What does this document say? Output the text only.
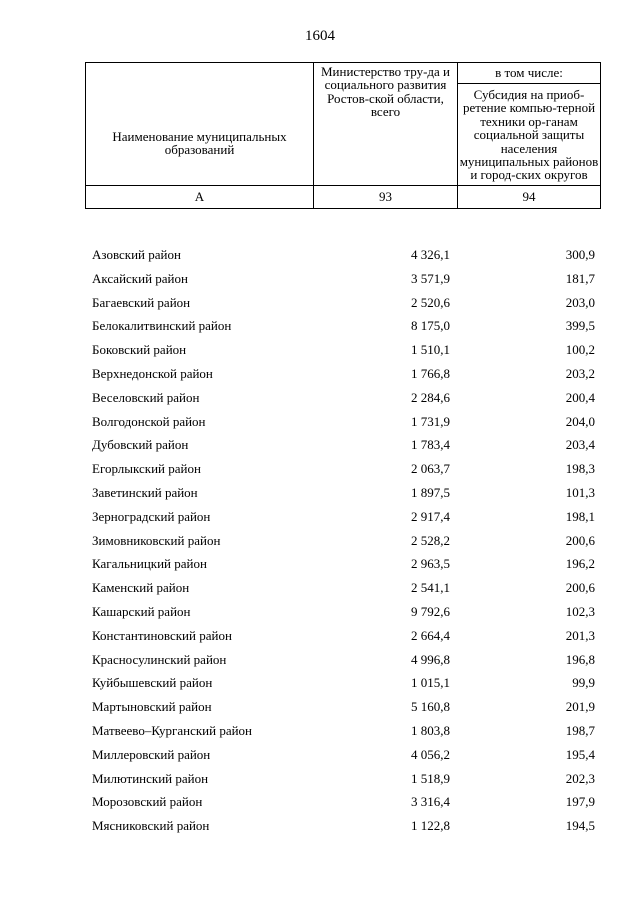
1604
Наименование муниципальных образований	Министерство тру-да и социального развития Ростов-ской области, всего	в том числе:

		Субсидия на приоб-ретение компью-терной техники ор-ганам социальной защиты населения муниципальных районов и город-ских округов

А	93	94
Азовский район	4 326,1	300,9
Аксайский район	3 571,9	181,7
Багаевский район	2 520,6	203,0
Белокалитвинский район	8 175,0	399,5
Боковский район	1 510,1	100,2
Верхнедонской район	1 766,8	203,2
Веселовский район	2 284,6	200,4
Волгодонской район	1 731,9	204,0
Дубовский район	1 783,4	203,4
Егорлыкский район	2 063,7	198,3
Заветинский район	1 897,5	101,3
Зерноградский район	2 917,4	198,1
Зимовниковский район	2 528,2	200,6
Кагальницкий район	2 963,5	196,2
Каменский район	2 541,1	200,6
Кашарский район	9 792,6	102,3
Константиновский район	2 664,4	201,3
Красносулинский район	4 996,8	196,8
Куйбышевский район	1 015,1	99,9
Мартыновский район	5 160,8	201,9
Матвеево–Курганский район	1 803,8	198,7
Миллеровский район	4 056,2	195,4
Милютинский район	1 518,9	202,3
Морозовский район	3 316,4	197,9
Мясниковский район	1 122,8	194,5
